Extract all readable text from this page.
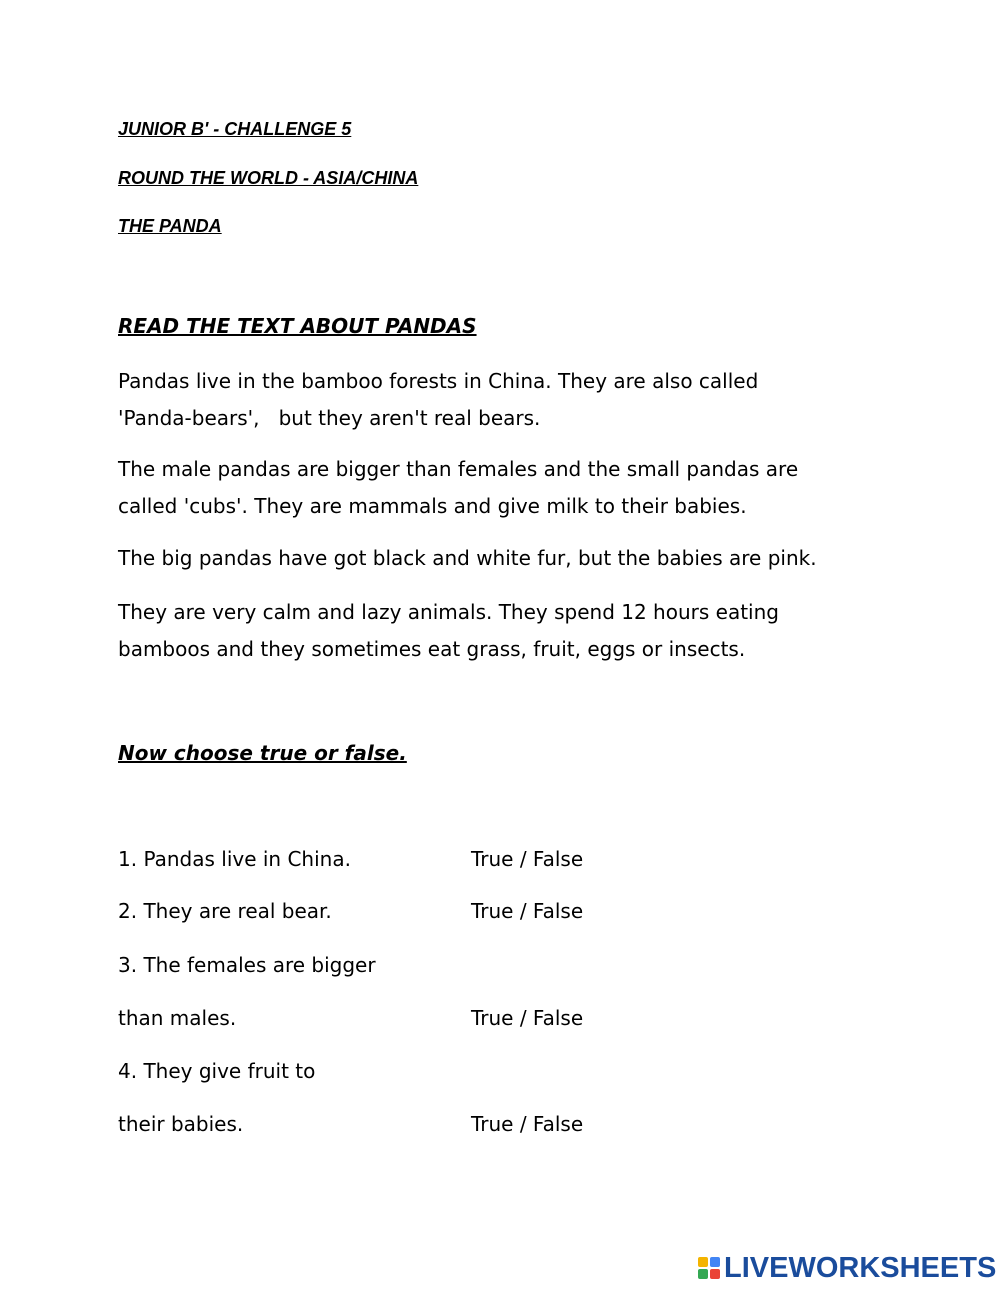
JUNIOR B' - CHALLENGE 5
ROUND THE WORLD - ASIA/CHINA
THE PANDA
READ THE TEXT ABOUT PANDAS
Pandas live in the bamboo forests in China. They are also called
'Panda-bears',   but they aren't real bears.
The male pandas are bigger than females and the small pandas are
called 'cubs'. They are mammals and give milk to their babies.
The big pandas have got black and white fur, but the babies are pink.
They are very calm and lazy animals. They spend 12 hours eating
bamboos and they sometimes eat grass, fruit, eggs or insects.
Now choose true or false.
1. Pandas live in China.	True / False
2. They are real bear.	True / False
3. The females are bigger
than males.	True / False
4. They give fruit to
their babies.	True / False
LIVEWORKSHEETS
